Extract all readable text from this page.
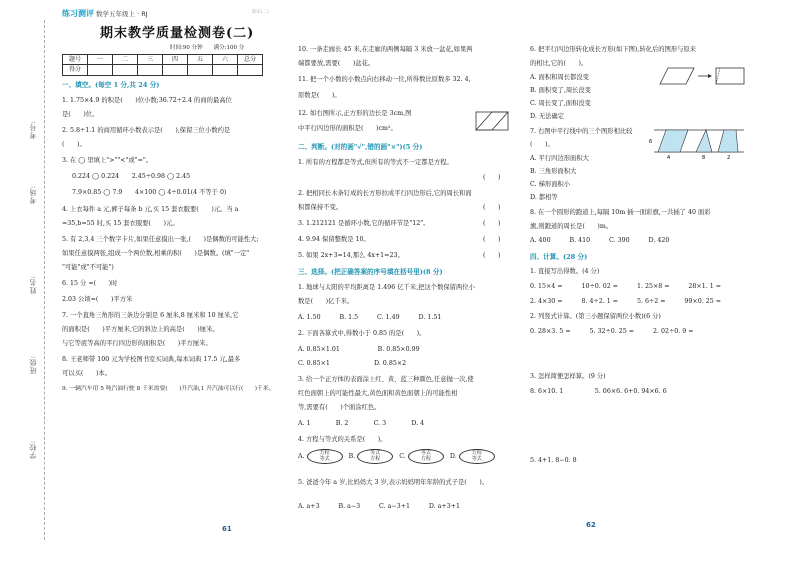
考号:
考场:
姓名:
班级:
学校:
练习测评 数学五年级上 · RJ	期末(二)
期末教学质量检测卷(二)
时间:90 分钟　　满分:100 分
题号	一	二	三	四	五	六	总分
得分							
一、填空。(每空 1 分,共 24 分)
1. 1.75×4.9 的积是(　　)位小数;36.72÷2.4 的商的最高位
是(　　)位。
2. 5.8÷1.1 的商用循环小数表示是(　　),保留三位小数约是
(　　)。
3. 在 ◯ 里填上">""<"或"="。
0.22̇4̇ ◯ 0.22̇4　　2.45÷0.98 ◯ 2.45
7.9×0.85 ◯ 7.9　　4×100 ◯ 4÷0.01(4 不等于 0)
4. 上衣每件 a 元,裤子每条 b 元,买 15 套衣服要(　　)元。当 a
=35,b=55 时,买 15 套衣服要(　　)元。
5. 有 2,3,4 三个数字卡片,如果任意摸出一张,(　　)是偶数的可能性大;
如果任意摸两张,组成一个两位数,相乘的积(　　)是偶数。(填"一定"
"可能"或"不可能")
6. 15 分 =(　　)时
2.03 公顷=(　　)平方米
7. 一个直角三角形的三条边分别是 6 厘米,8 厘米和 10 厘米,它
的面积是(　　)平方厘米,它的斜边上的高是(　　)厘米。
与它等底等高的平行四边形的面积是(　　)平方厘米。
8. 王老师带 100 元为学校图书室买词典,每本词典 17.5 元,最多
可以买(　　)本。
9. 一辆汽车用 5 吨汽油行驶 8 千米需要(　　)升汽油,1 升汽油可以行(　　)千米。
61
10. 一条走廊长 45 米,在走廊的两侧每隔 3 米放一盆花,如果两
端都要放,需要(　　)盆花。
11. 把一个小数的小数点向右移动一位,所得数比原数多 32. 4,
原数是(　　)。
12. 如右图所示,正方形的边长是 3cm,图
中平行四边形的面积是(　　)cm²。
二、判断。(对的画"√",错的画"×")(5 分)
1. 所有的方程都是等式,但所有的等式不一定都是方程。
2. 把相同长木条钉成的长方形拉成平行四边形后,它的周长和面
积都保持不变。
3. 1.212121 是循环小数,它的循环节是"12"。
4. 9.94 保留整数是 10。
5. 如果 2x+3=14,那么 4x+1=23。
(　　)
(　　)
(　　)
(　　)
(　　)
三、选择。(把正确答案的序号填在括号里)(8 分)
1. 地球与太阳的平均距离是 1.496 亿千米,把这个数保留两位小
数是(　　)亿千米。
A. 1.50　　　B. 1.5　　　C. 1.49　　　D. 1.51
2. 下面各算式中,得数小于 0.85 的是(　　)。
A. 0.85×1.01　　　　　　B. 0.85×0.99
C. 0.85×1　　　　　　　D. 0.85×2
3. 给一个正方体的表面涂上红、黄、蓝三种颜色,任意抛一次,使
红色面朝上的可能性最大,黄色面和黄色面朝上的可能性相
等,需要有(　　)个面涂红色。
A. 1　　　　B. 2　　　　C. 3　　　　D. 4
4. 方程与等式的关系是(　　)。
A.	方程
等式	B.	等式
方程	C.	等式
方程	D.	方程
等式
5. 爸爸今年 a 岁,比妈妈大 3 岁,表示妈妈明年年龄的式子是(　　)。
A. a+3　　　B. a−3　　　C. a−3+1　　　D. a+3+1
6. 把平行四边形转化成长方形(如下图),转化后的图形与原来
的相比,它的(　　)。
A. 面积和周长都没变
B. 面积变了,周长没变
C. 周长变了,面积没变
D. 无法确定
7. 右图中平行线中的三个图形相比较
(　　)。
A. 平行四边形面积大
B. 三角形面积大
C. 梯形面积小
D. 都相等
6
4	8	2
8. 在一个圆形的跑道上,每隔 10m 插一面彩旗,一共插了 40 面彩
旗,则跑道的周长是(　　)m。
A. 400　　　B. 410　　　C. 390　　　D. 420
四、计算。(28 分)
1. 直接写出得数。(4 分)
0. 15×4 =　　　10÷0. 02 =　　　1. 25×8 =　　　28×1. 1 =
2. 4×30 =　　　8. 4÷2. 1 =　　　5. 6÷2 =　　　99×0. 25 =
2. 列竖式计算。(第三小题保留两位小数)(6 分)
0. 28×3. 5 =　　　5. 32÷0. 25 =　　　2. 02÷0. 9 ≈
3. 怎样简便怎样算。(9 分)
8. 6×10. 1　　　　　5. 06×6. 6+0. 94×6. 6
5. 4+1. 8−0. 8
62
